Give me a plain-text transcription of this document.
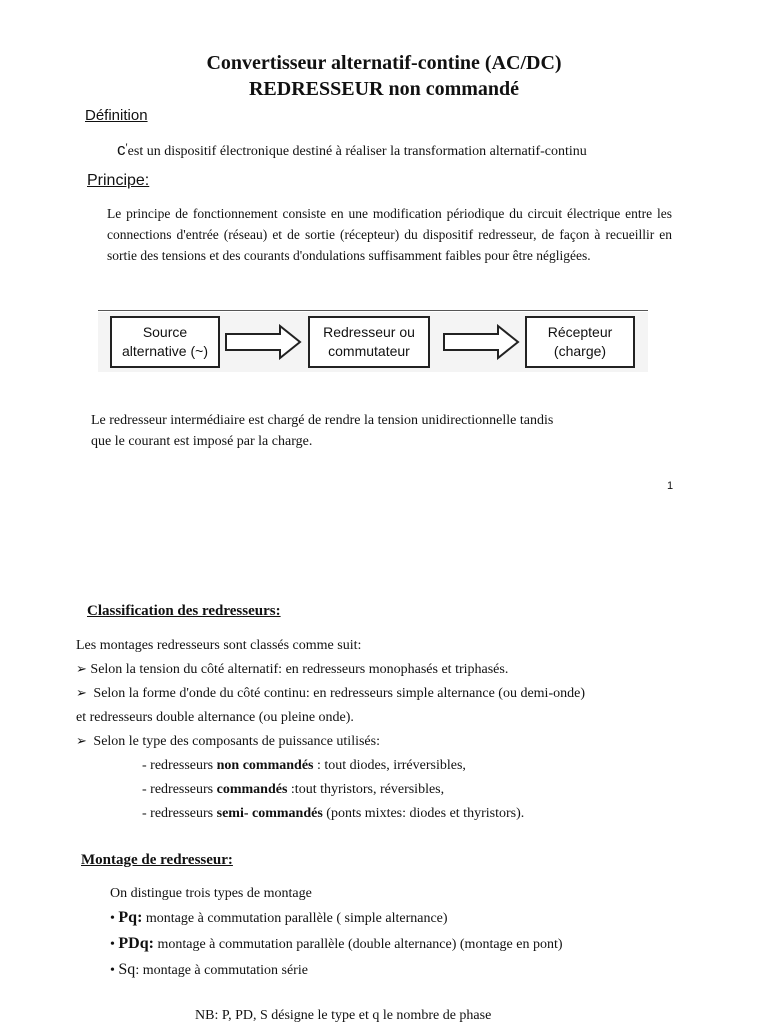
Convertisseur alternatif-contine (AC/DC)
REDRESSEUR non commandé
Définition
c'est un dispositif électronique destiné à réaliser la transformation alternatif-continu
Principe:
Le principe de fonctionnement consiste en une modification périodique du circuit électrique entre les connections d'entrée (réseau) et de sortie (récepteur) du dispositif redresseur, de façon à recueillir en sortie des tensions et des courants d'ondulations suffisamment faibles pour être négligées.
Source
alternative (~)
Redresseur ou
commutateur
Récepteur
(charge)
Le redresseur intermédiaire est chargé de rendre la tension unidirectionnelle tandis
que le courant est imposé par la charge.
1
Classification des redresseurs:
Les montages redresseurs sont classés comme suit:
➢ Selon la tension du côté alternatif: en redresseurs monophasés et triphasés.
➢ Selon la forme d'onde du côté continu: en redresseurs simple alternance (ou demi-onde)
et redresseurs double alternance (ou pleine onde).
➢ Selon le type des composants de puissance utilisés:
- redresseurs non commandés : tout diodes, irréversibles,
- redresseurs commandés :tout thyristors, réversibles,
- redresseurs semi- commandés (ponts mixtes: diodes et thyristors).
Montage de redresseur:
On distingue trois types de montage
• Pq: montage à commutation parallèle ( simple alternance)
• PDq: montage à commutation parallèle (double alternance) (montage en pont)
• Sq: montage à commutation série
NB: P, PD, S désigne le type et q le nombre de phase
